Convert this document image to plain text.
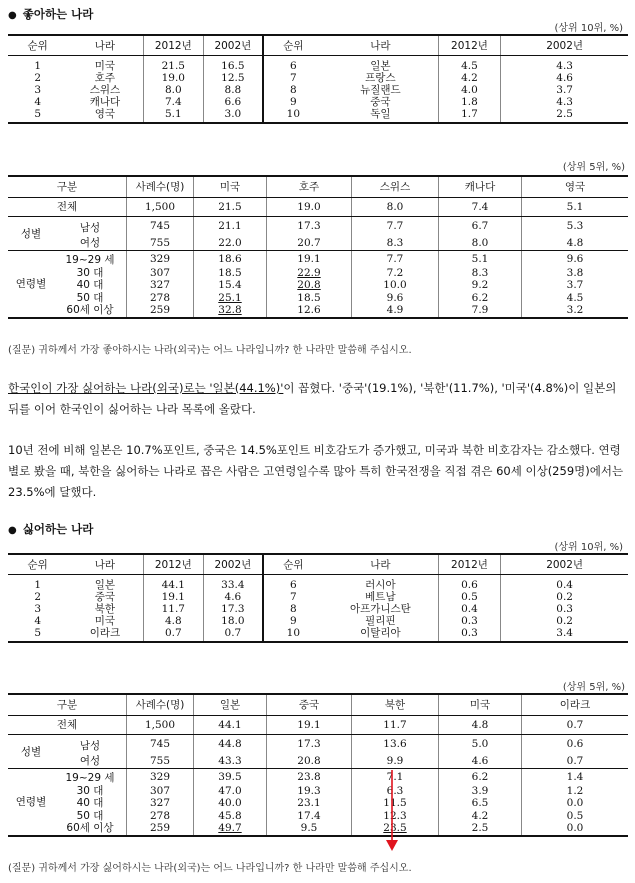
● 좋아하는 나라
(상위 10위, %)
순위	나라	2012년	2002년	순위	나라	2012년	2002년
1	미국	21.5	16.5	6	일본	4.5	4.3
2	호주	19.0	12.5	7	프랑스	4.2	4.6
3	스위스	8.0	8.8	8	뉴질랜드	4.0	3.7
4	캐나다	7.4	6.6	9	중국	1.8	4.3
5	영국	5.1	3.0	10	독일	1.7	2.5
(상위 5위, %)
구분		사례수(명)	미국	호주	스위스	캐나다	영국
전체		1,500	21.5	19.0	8.0	7.4	5.1
성별	남성	745	21.1	17.3	7.7	6.7	5.3
	여성	755	22.0	20.7	8.3	8.0	4.8
연령별	19~29 세	329	18.6	19.1	7.7	5.1	9.6
	30 대	307	18.5	22.9	7.2	8.3	3.8
	40 대	327	15.4	20.8	10.0	9.2	3.7
	50 대	278	25.1	18.5	9.6	6.2	4.5
	60세 이상	259	32.8	12.6	4.9	7.9	3.2
(질문) 귀하께서 가장 좋아하시는 나라(외국)는 어느 나라입니까? 한 나라만 말씀해 주십시오.
한국인이 가장 싫어하는 나라(외국)로는 '일본(44.1%)'이 꼽혔다. '중국'(19.1%), '북한'(11.7%), '미국'(4.8%)이 일본의 뒤를 이어 한국인이 싫어하는 나라 목록에 올랐다.
10년 전에 비해 일본은 10.7%포인트, 중국은 14.5%포인트 비호감도가 증가했고, 미국과 북한 비호감자는 감소했다. 연령별로 봤을 때, 북한을 싫어하는 나라로 꼽은 사람은 고연령일수록 많아 특히 한국전쟁을 직접 겪은 60세 이상(259명)에서는 23.5%에 달했다.
● 싫어하는 나라
(상위 10위, %)
순위	나라	2012년	2002년	순위	나라	2012년	2002년
1	일본	44.1	33.4	6	러시아	0.6	0.4
2	중국	19.1	4.6	7	베트남	0.5	0.2
3	북한	11.7	17.3	8	아프가니스탄	0.4	0.3
4	미국	4.8	18.0	9	필리핀	0.3	0.2
5	이라크	0.7	0.7	10	이탈리아	0.3	3.4
(상위 5위, %)
구분		사례수(명)	일본	중국	북한	미국	이라크
전체		1,500	44.1	19.1	11.7	4.8	0.7
성별	남성	745	44.8	17.3	13.6	5.0	0.6
	여성	755	43.3	20.8	9.9	4.6	0.7
연령별	19~29 세	329	39.5	23.8	7.1	6.2	1.4
	30 대	307	47.0	19.3	6.3	3.9	1.2
	40 대	327	40.0	23.1	11.5	6.5	0.0
	50 대	278	45.8	17.4	12.3	4.2	0.5
	60세 이상	259	49.7	9.5	23.5	2.5	0.0
(질문) 귀하께서 가장 싫어하시는 나라(외국)는 어느 나라입니까? 한 나라만 말씀해 주십시오.
